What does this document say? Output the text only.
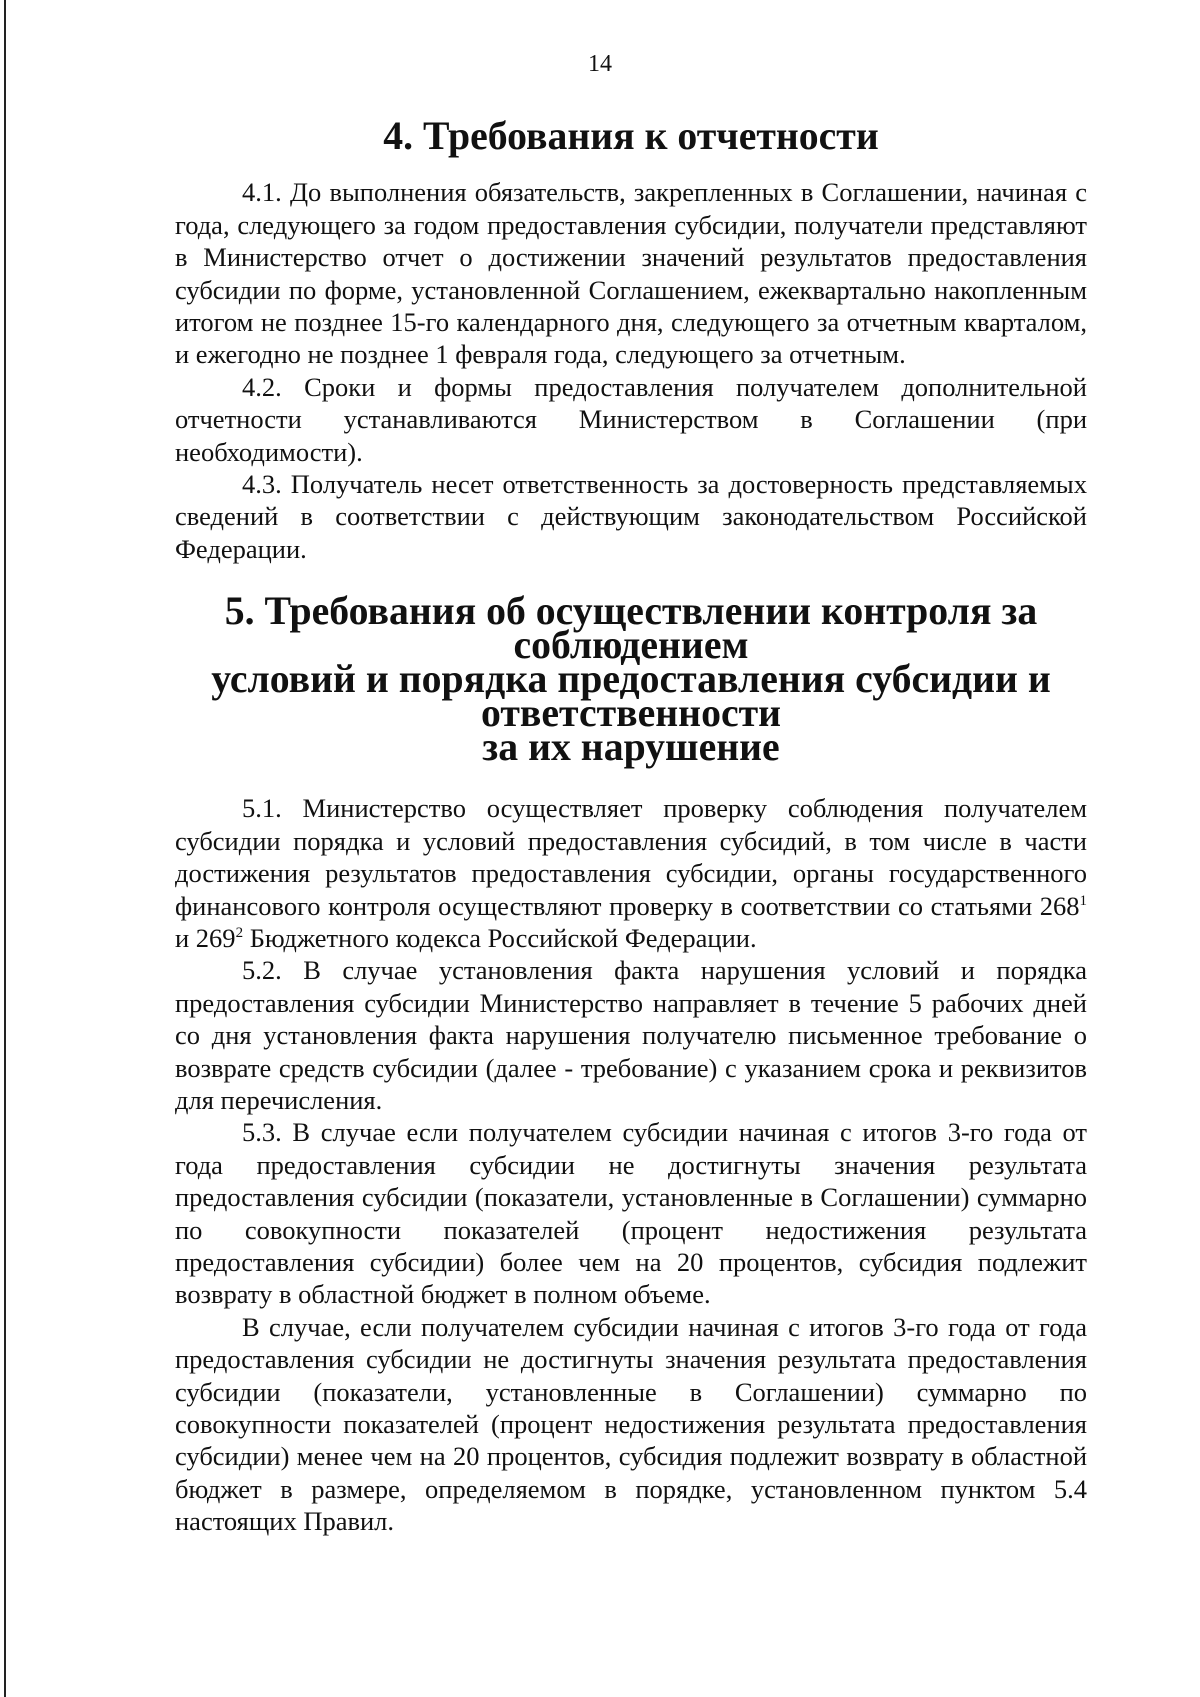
14
4. Требования к отчетности

4.1. До выполнения обязательств, закрепленных в Соглашении, начиная с года, следующего за годом предоставления субсидии, получатели представляют в Министерство отчет о достижении значений результатов предоставления субсидии по форме, установленной Соглашением, ежеквартально накопленным итогом не позднее 15-го календарного дня, следующего за отчетным кварталом, и ежегодно не позднее 1 февраля года, следующего за отчетным.

4.2. Сроки и формы предоставления получателем дополнительной отчетности устанавливаются Министерством в Соглашении (при необходимости).

4.3. Получатель несет ответственность за достоверность представляемых сведений в соответствии с действующим законодательством Российской Федерации.

5. Требования об осуществлении контроля за соблюдением
условий и порядка предоставления субсидии и ответственности
за их нарушение

5.1. Министерство осуществляет проверку соблюдения получателем субсидии порядка и условий предоставления субсидий, в том числе в части достижения результатов предоставления субсидии, органы государственного финансового контроля осуществляют проверку в соответствии со статьями $268^1$ и $269^2$ Бюджетного кодекса Российской Федерации.

5.2. В случае установления факта нарушения условий и порядка предоставления субсидии Министерство направляет в течение 5 рабочих дней со дня установления факта нарушения получателю письменное требование о возврате средств субсидии (далее - требование) с указанием срока и реквизитов для перечисления.

5.3. В случае если получателем субсидии начиная с итогов 3-го года от года предоставления субсидии не достигнуты значения результата предоставления субсидии (показатели, установленные в Соглашении) суммарно по совокупности показателей (процент недостижения результата предоставления субсидии) более чем на 20 процентов, субсидия подлежит возврату в областной бюджет в полном объеме.

В случае, если получателем субсидии начиная с итогов 3-го года от года предоставления субсидии не достигнуты значения результата предоставления субсидии (показатели, установленные в Соглашении) суммарно по совокупности показателей (процент недостижения результата предоставления субсидии) менее чем на 20 процентов, субсидия подлежит возврату в областной бюджет в размере, определяемом в порядке, установленном пунктом 5.4 настоящих Правил.
